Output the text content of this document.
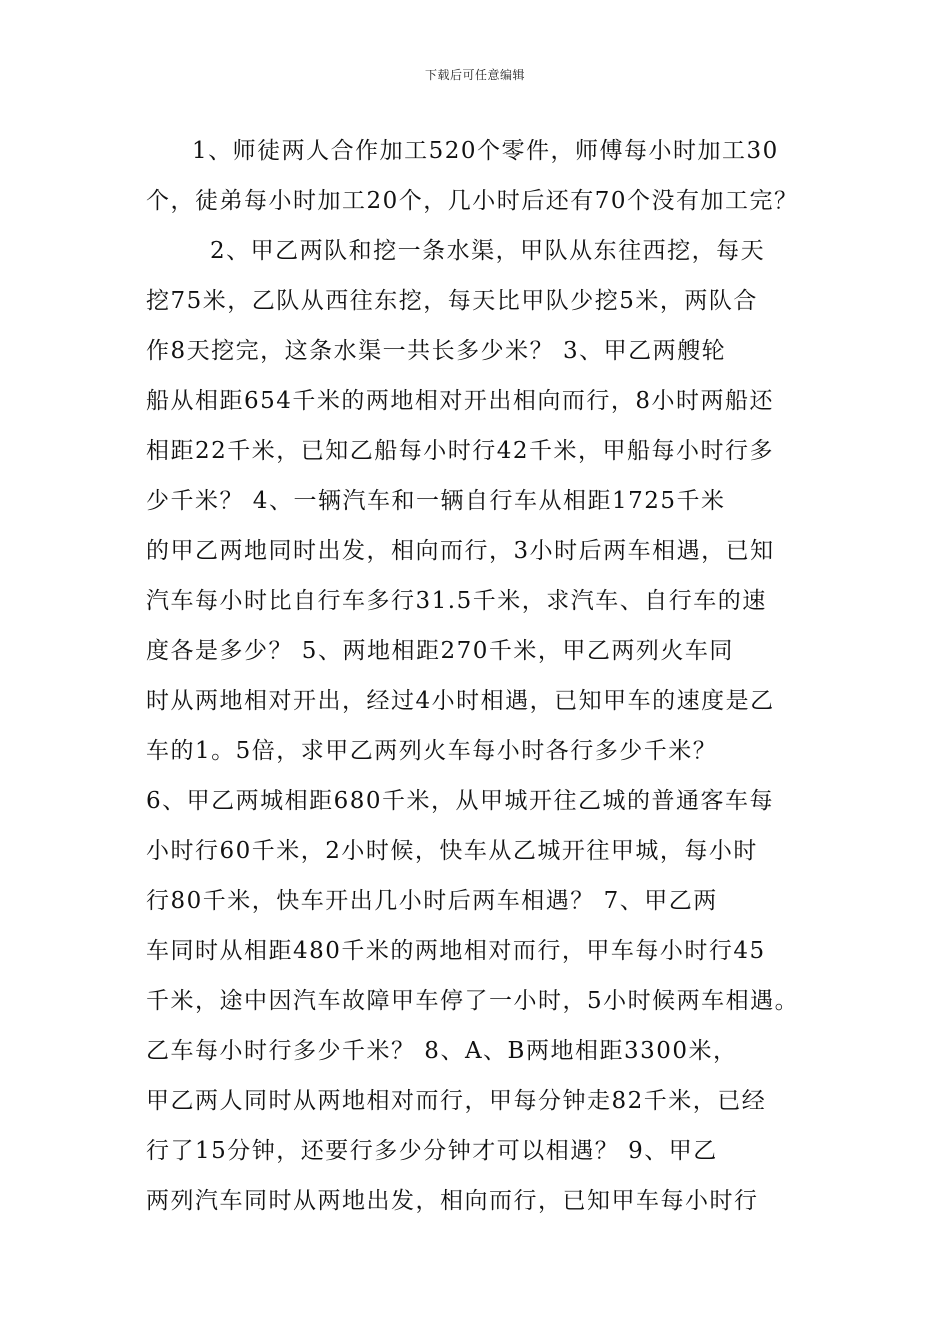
下载后可任意编辑
1、师徒两人合作加工520个零件，师傅每小时加工30
个，徒弟每小时加工20个，几小时后还有70个没有加工完？
2、甲乙两队和挖一条水渠，甲队从东往西挖，每天
挖75米，乙队从西往东挖，每天比甲队少挖5米，两队合
作8天挖完，这条水渠一共长多少米？ 3、甲乙两艘轮
船从相距654千米的两地相对开出相向而行，8小时两船还
相距22千米，已知乙船每小时行42千米，甲船每小时行多
少千米？ 4、一辆汽车和一辆自行车从相距1725千米
的甲乙两地同时出发，相向而行，3小时后两车相遇，已知
汽车每小时比自行车多行31.5千米，求汽车、自行车的速
度各是多少？ 5、两地相距270千米，甲乙两列火车同
时从两地相对开出，经过4小时相遇，已知甲车的速度是乙
车的1。5倍，求甲乙两列火车每小时各行多少千米？
6、甲乙两城相距680千米，从甲城开往乙城的普通客车每
小时行60千米，2小时候，快车从乙城开往甲城，每小时
行80千米，快车开出几小时后两车相遇？ 7、甲乙两
车同时从相距480千米的两地相对而行，甲车每小时行45
千米，途中因汽车故障甲车停了一小时，5小时候两车相遇。
乙车每小时行多少千米？ 8、A、B两地相距3300米，
甲乙两人同时从两地相对而行，甲每分钟走82千米，已经
行了15分钟，还要行多少分钟才可以相遇？ 9、甲乙
两列汽车同时从两地出发，相向而行，已知甲车每小时行
